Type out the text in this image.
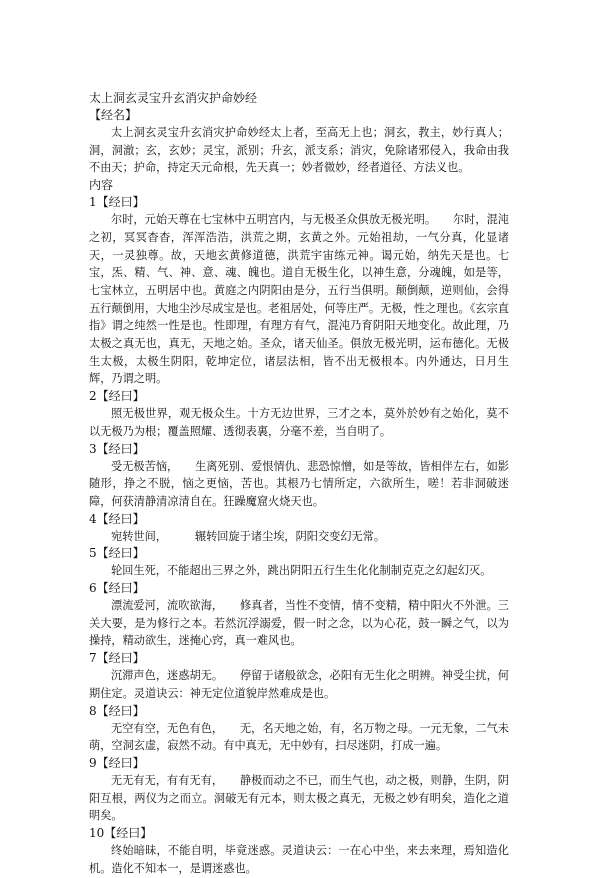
太上洞玄灵宝升玄消灾护命妙经
【经名】

太上洞玄灵宝升玄消灾护命妙经太上者，至高无上也；洞玄，教主，妙行真人；洞，洞澈；玄，玄妙；灵宝，派别；升玄，派支系；消灾，免除诸邪侵入，我命由我不由天；护命，持定天元命根，先天真一；妙者微妙，经者道径、方法义也。

内容
1【经曰】

尔时，元始天尊在七宝林中五明宫内，与无极圣众俱放无极光明。　　尔时，混沌之初，冥冥杳杳，浑浑浩浩，洪荒之期，玄黄之外。元始祖劫，一气分真，化显诸天，一灵独尊。故，天地玄黄修道德，洪荒宇宙练元神。谒元始，纳先天是也。七宝，炁、精、气、神、意、魂、魄也。道自无极生化，以神生意，分魂魄，如是等，七宝林立，五明居中也。黄庭之内阴阳由是分，五行当俱明。颠倒颠，逆则仙，会得五行颠倒用，大地尘沙尽成宝是也。老祖居处，何等庄严。无极，性之理也。《玄宗直指》谓之纯然一性是也。性即理，有理方有气，混沌乃育阴阳天地变化。故此理，乃太极之真无也，真无，天地之始。圣众，诸天仙圣。俱放无极光明，运布德化。无极生太极，太极生阴阳，乾坤定位，诸层法相，皆不出无极根本。内外通达，日月生辉，乃谓之明。

2【经曰】

照无极世界，观无极众生。十方无边世界，三才之本，莫外於妙有之始化，莫不以无极乃为根；覆盖照耀、透彻表裏，分毫不差，当自明了。

3【经曰】

受无极苦恼，　　生离死别、爱恨情仇、悲恐惊憎，如是等故，皆相伴左右，如影随形，挣之不脱，恼之更恼，苦也。其根乃七情所定，六欲所生，嗟！若非洞破迷障，何获清静清凉清自在。狂躁魔窟火烧天也。

4【经曰】

宛转世间，　　　辗转回旋于诸尘埃，阴阳交变幻无常。

5【经曰】

轮回生死，不能超出三界之外，跳出阴阳五行生生化化制制克克之幻起幻灭。

6【经曰】

漂流爱河，流吹欲海，　　修真者，当性不变情，情不变精，精中阳火不外泄。三关大要，是为修行之本。若然沉浮溺爱，假一时之念，以为心花，鼓一瞬之气，以为操持，精动欲生，迷掩心窍，真一难风也。

7【经曰】

沉滞声色，迷惑胡无。　　停留于诸般欲念，必阳有无生化之明辨。神受尘扰，何期住定。灵道诀云：神无定位道貌岸然难成是也。

8【经曰】

无空有空，无色有色，　　无，名天地之始，有，名万物之母。一元无象，二气未萌，空洞玄虚，寂然不动。有中真无，无中妙有，扫尽迷阴，打成一遍。

9【经曰】

无无有无，有有无有，　　静极而动之不已，而生气也，动之极，则静，生阴，阴阳互根，两仪为之而立。洞破无有元本，则太极之真无，无极之妙有明矣，造化之道明矣。

10【经曰】

终始暗昧，不能自明，毕竟迷惑。灵道诀云：一在心中坐，来去来理，焉知造化机。造化不知本一，是谓迷惑也。
